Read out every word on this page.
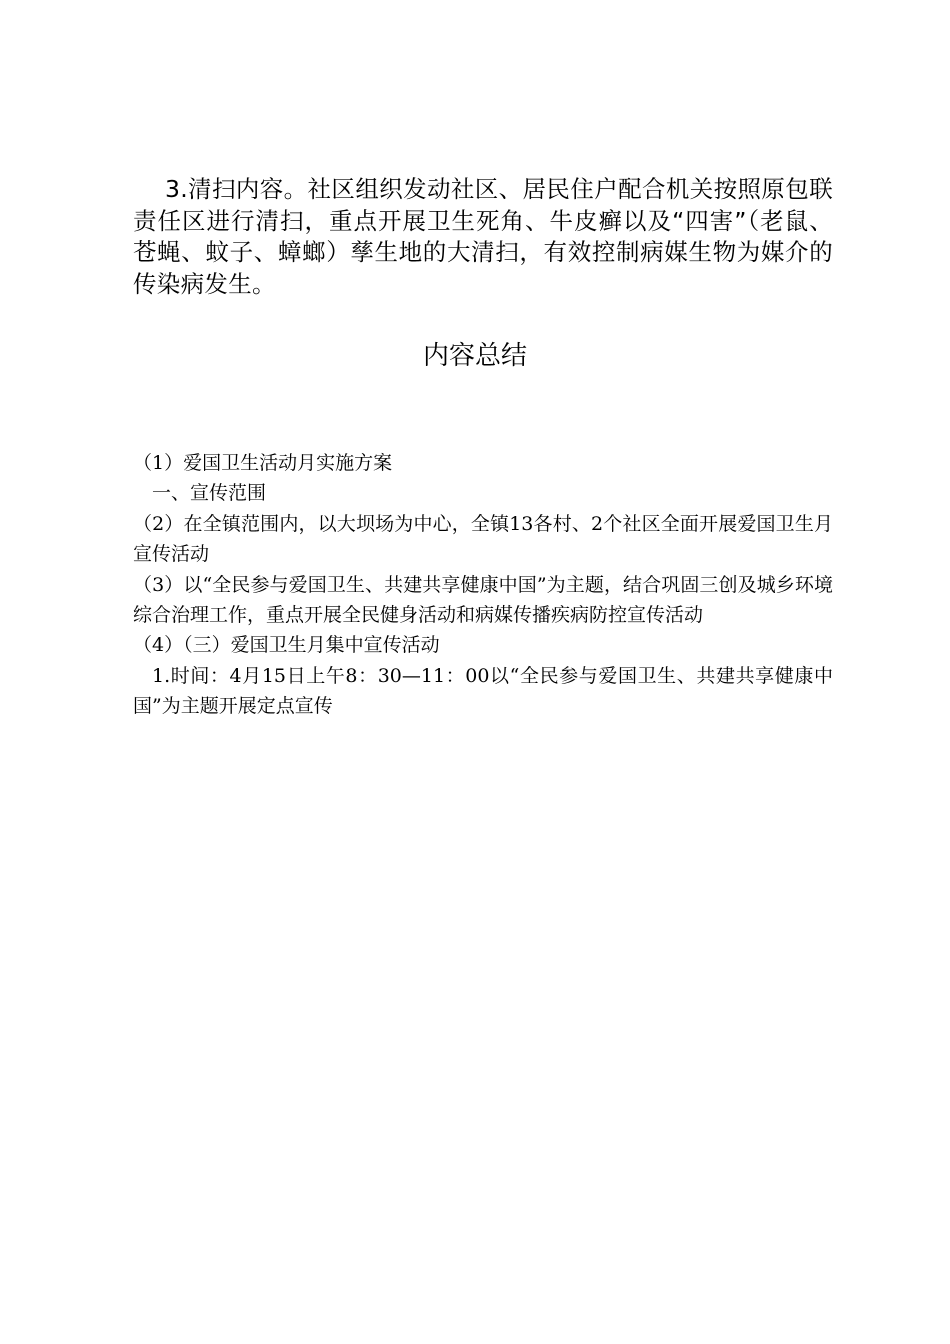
3.清扫内容。社区组织发动社区、居民住户配合机关按照原包联责任区进行清扫，重点开展卫生死角、牛皮癣以及“四害”（老鼠、苍蝇、蚊子、蟑螂）孳生地的大清扫，有效控制病媒生物为媒介的传染病发生。

内容总结

（1）爱国卫生活动月实施方案

一、宣传范围

（2）在全镇范围内，以大坝场为中心，全镇13各村、2个社区全面开展爱国卫生月宣传活动

（3）以“全民参与爱国卫生、共建共享健康中国”为主题，结合巩固三创及城乡环境综合治理工作，重点开展全民健身活动和病媒传播疾病防控宣传活动

（4）（三）爱国卫生月集中宣传活动

1.时间：4月15日上午8：30—11：00以“全民参与爱国卫生、共建共享健康中国”为主题开展定点宣传
